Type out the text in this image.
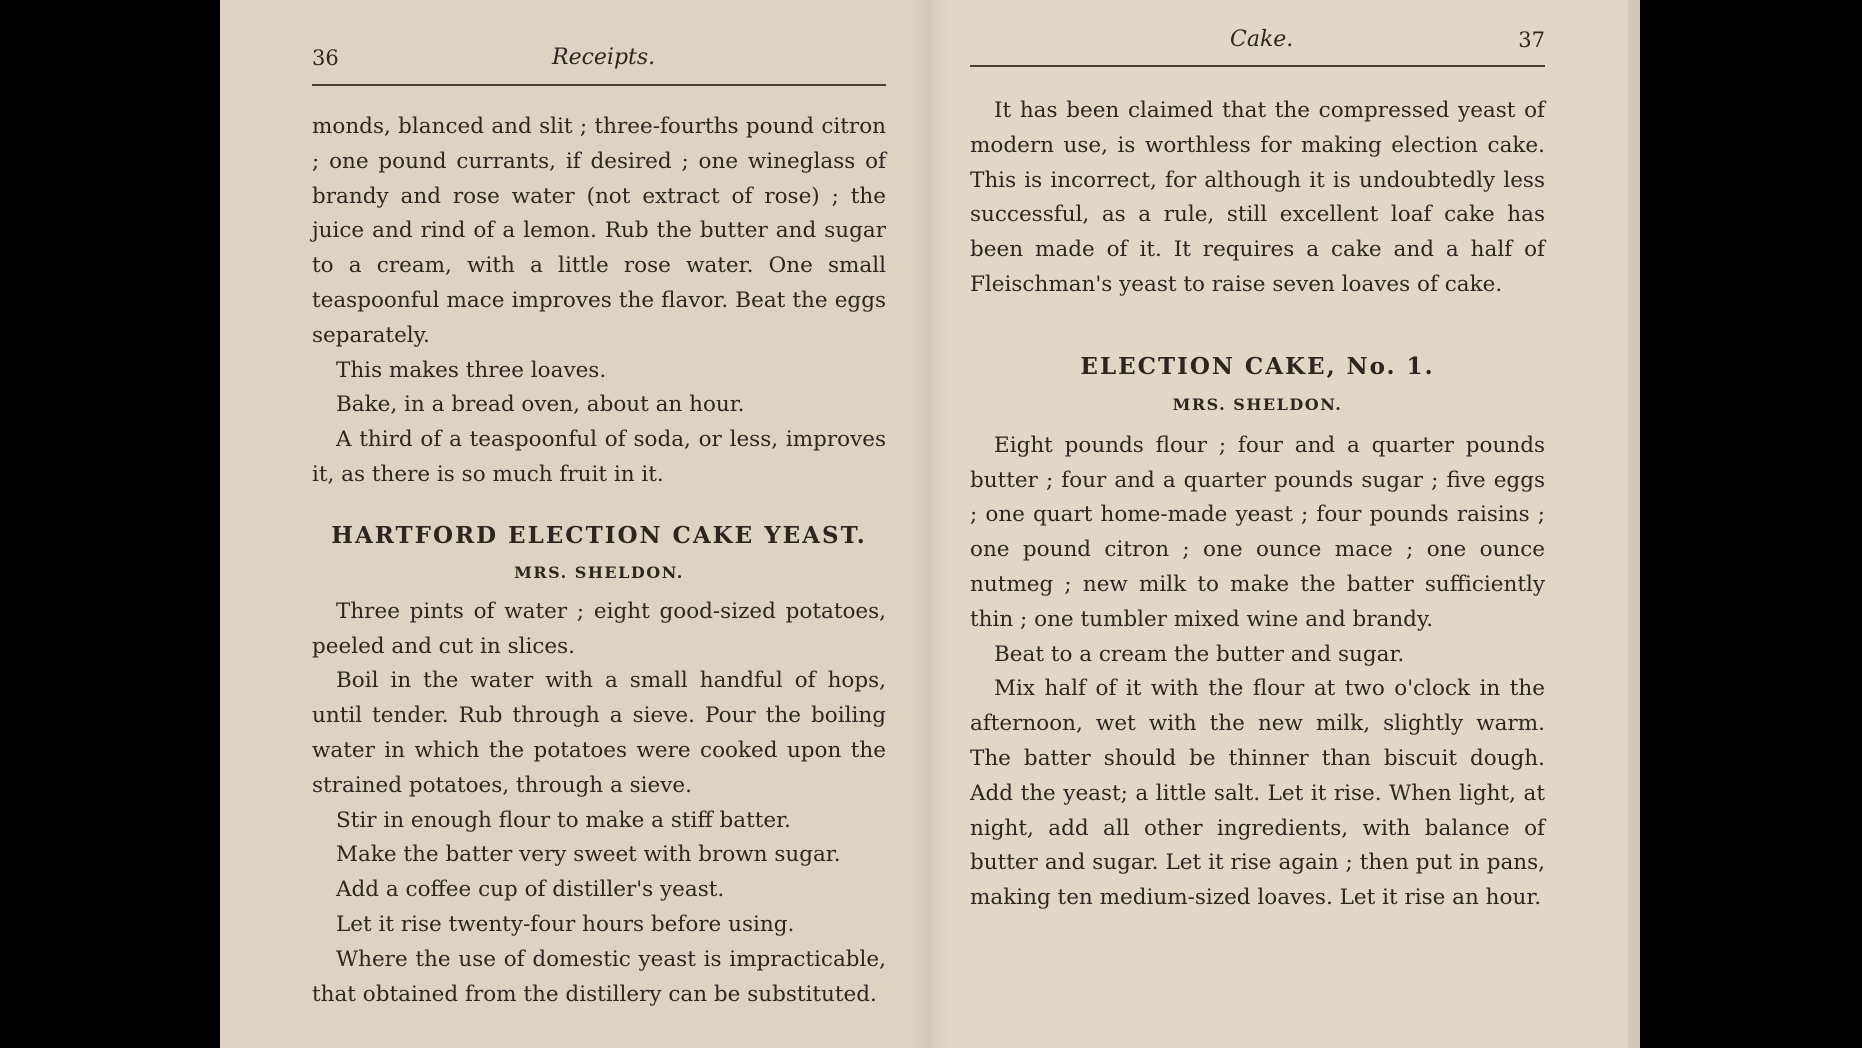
36	Receipts.

monds, blanced and slit ; three-fourths pound citron ; one pound currants, if desired ; one wineglass of brandy and rose water (not extract of rose) ; the juice and rind of a lemon. Rub the butter and sugar to a cream, with a little rose water. One small teaspoonful mace improves the flavor. Beat the eggs separately.

This makes three loaves.

Bake, in a bread oven, about an hour.

A third of a teaspoonful of soda, or less, improves it, as there is so much fruit in it.

HARTFORD ELECTION CAKE YEAST.
MRS. SHELDON.

Three pints of water ; eight good-sized potatoes, peeled and cut in slices.

Boil in the water with a small handful of hops, until tender. Rub through a sieve. Pour the boiling water in which the potatoes were cooked upon the strained potatoes, through a sieve.

Stir in enough flour to make a stiff batter.

Make the batter very sweet with brown sugar.

Add a coffee cup of distiller's yeast.

Let it rise twenty-four hours before using.

Where the use of domestic yeast is impracticable, that obtained from the distillery can be substituted.

Cake.	37

It has been claimed that the compressed yeast of modern use, is worthless for making election cake. This is incorrect, for although it is undoubtedly less successful, as a rule, still excellent loaf cake has been made of it. It requires a cake and a half of Fleischman's yeast to raise seven loaves of cake.

ELECTION CAKE, No. 1.
MRS. SHELDON.

Eight pounds flour ; four and a quarter pounds butter ; four and a quarter pounds sugar ; five eggs ; one quart home-made yeast ; four pounds raisins ; one pound citron ; one ounce mace ; one ounce nutmeg ; new milk to make the batter sufficiently thin ; one tumbler mixed wine and brandy.

Beat to a cream the butter and sugar.

Mix half of it with the flour at two o'clock in the afternoon, wet with the new milk, slightly warm. The batter should be thinner than biscuit dough. Add the yeast; a little salt. Let it rise. When light, at night, add all other ingredients, with balance of butter and sugar. Let it rise again ; then put in pans, making ten medium-sized loaves. Let it rise an hour.
